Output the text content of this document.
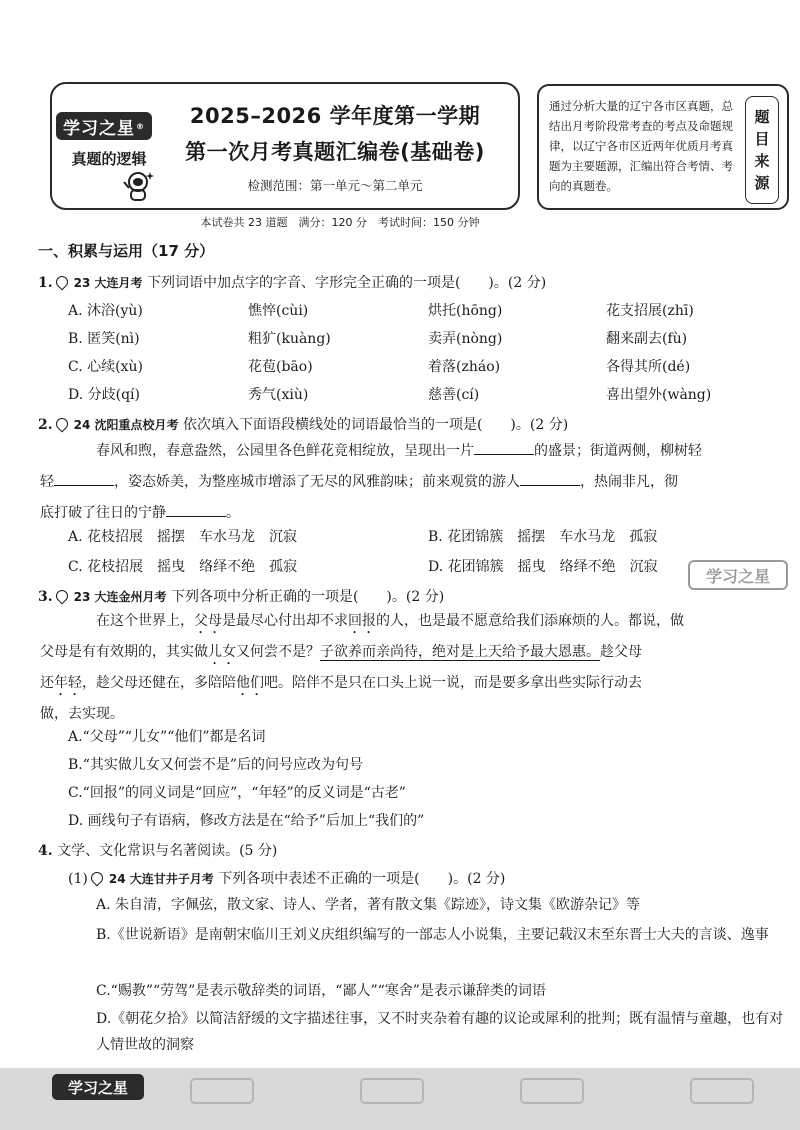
学习之星 ®
真题的逻辑
2025–2026 学年度第一学期
第一次月考真题汇编卷(基础卷)
检测范围：第一单元～第二单元
通过分析大量的辽宁各市区真题，总结出月考阶段常考查的考点及命题规律，以辽宁各市区近两年优质月考真题为主要题源，汇编出符合考情、考向的真题卷。
题
目
来
源
本试卷共 23 道题　满分：120 分　考试时间：150 分钟
一、积累与运用（17 分）
1. 23 大连月考 下列词语中加点字的字音、字形完全正确的一项是(　　)。(2 分)
A. 沐浴(yù)	憔悴(cùi)	烘托(hōng)	花支招展(zhī)
B. 匿笑(nì)	粗犷(kuàng)	卖弄(nòng)	翻来副去(fù)
C. 心续(xù)	花苞(bāo)	着落(zháo)	各得其所(dé)
D. 分歧(qí)	秀气(xiù)	慈善(cí)	喜出望外(wàng)
2. 24 沈阳重点校月考 依次填入下面语段横线处的词语最恰当的一项是(　　)。(2 分)
春风和煦，春意盎然，公园里各色鲜花竞相绽放，呈现出一片	的盛景；街道两侧，柳树轻
轻	，姿态娇美，为整座城市增添了无尽的风雅韵味；前来观赏的游人	，热闹非凡，彻
底打破了往日的宁静	。
A. 花枝招展　摇摆　车水马龙　沉寂	B. 花团锦簇　摇摆　车水马龙　孤寂
C. 花枝招展　摇曳　络绎不绝　孤寂	D. 花团锦簇　摇曳　络绎不绝　沉寂	学习之星
3. 23 大连金州月考 下列各项中分析正确的一项是(　　)。(2 分)
在这个世界上，父母是最尽心付出却不求回报的人，也是最不愿意给我们添麻烦的人。都说，做
父母是有有效期的，其实做儿女又何尝不是？子欲养而亲尚待，绝对是上天给予最大恩惠。趁父母
还年轻，趁父母还健在，多陪陪他们吧。陪伴不是只在口头上说一说，而是要多拿出些实际行动去
做，去实现。
A.“父母”“儿女”“他们”都是名词
B.“其实做儿女又何尝不是”后的问号应改为句号
C.“回报”的同义词是“回应”，“年轻”的反义词是“古老”
D. 画线句子有语病，修改方法是在“给予”后加上“我们的”
4. 文学、文化常识与名著阅读。(5 分)
(1) 24 大连甘井子月考 下列各项中表述不正确的一项是(　　)。(2 分)
A. 朱自清，字佩弦，散文家、诗人、学者，著有散文集《踪迹》，诗文集《欧游杂记》等
B.《世说新语》是南朝宋临川王刘义庆组织编写的一部志人小说集，主要记载汉末至东晋士大夫的言谈、逸事
C.“赐教”“劳驾”是表示敬辞类的词语，“鄙人”“寒舍”是表示谦辞类的词语
D.《朝花夕拾》以简洁舒缓的文字描述往事，又不时夹杂着有趣的议论或犀利的批判；既有温情与童趣，也有对人情世故的洞察
学习之星
